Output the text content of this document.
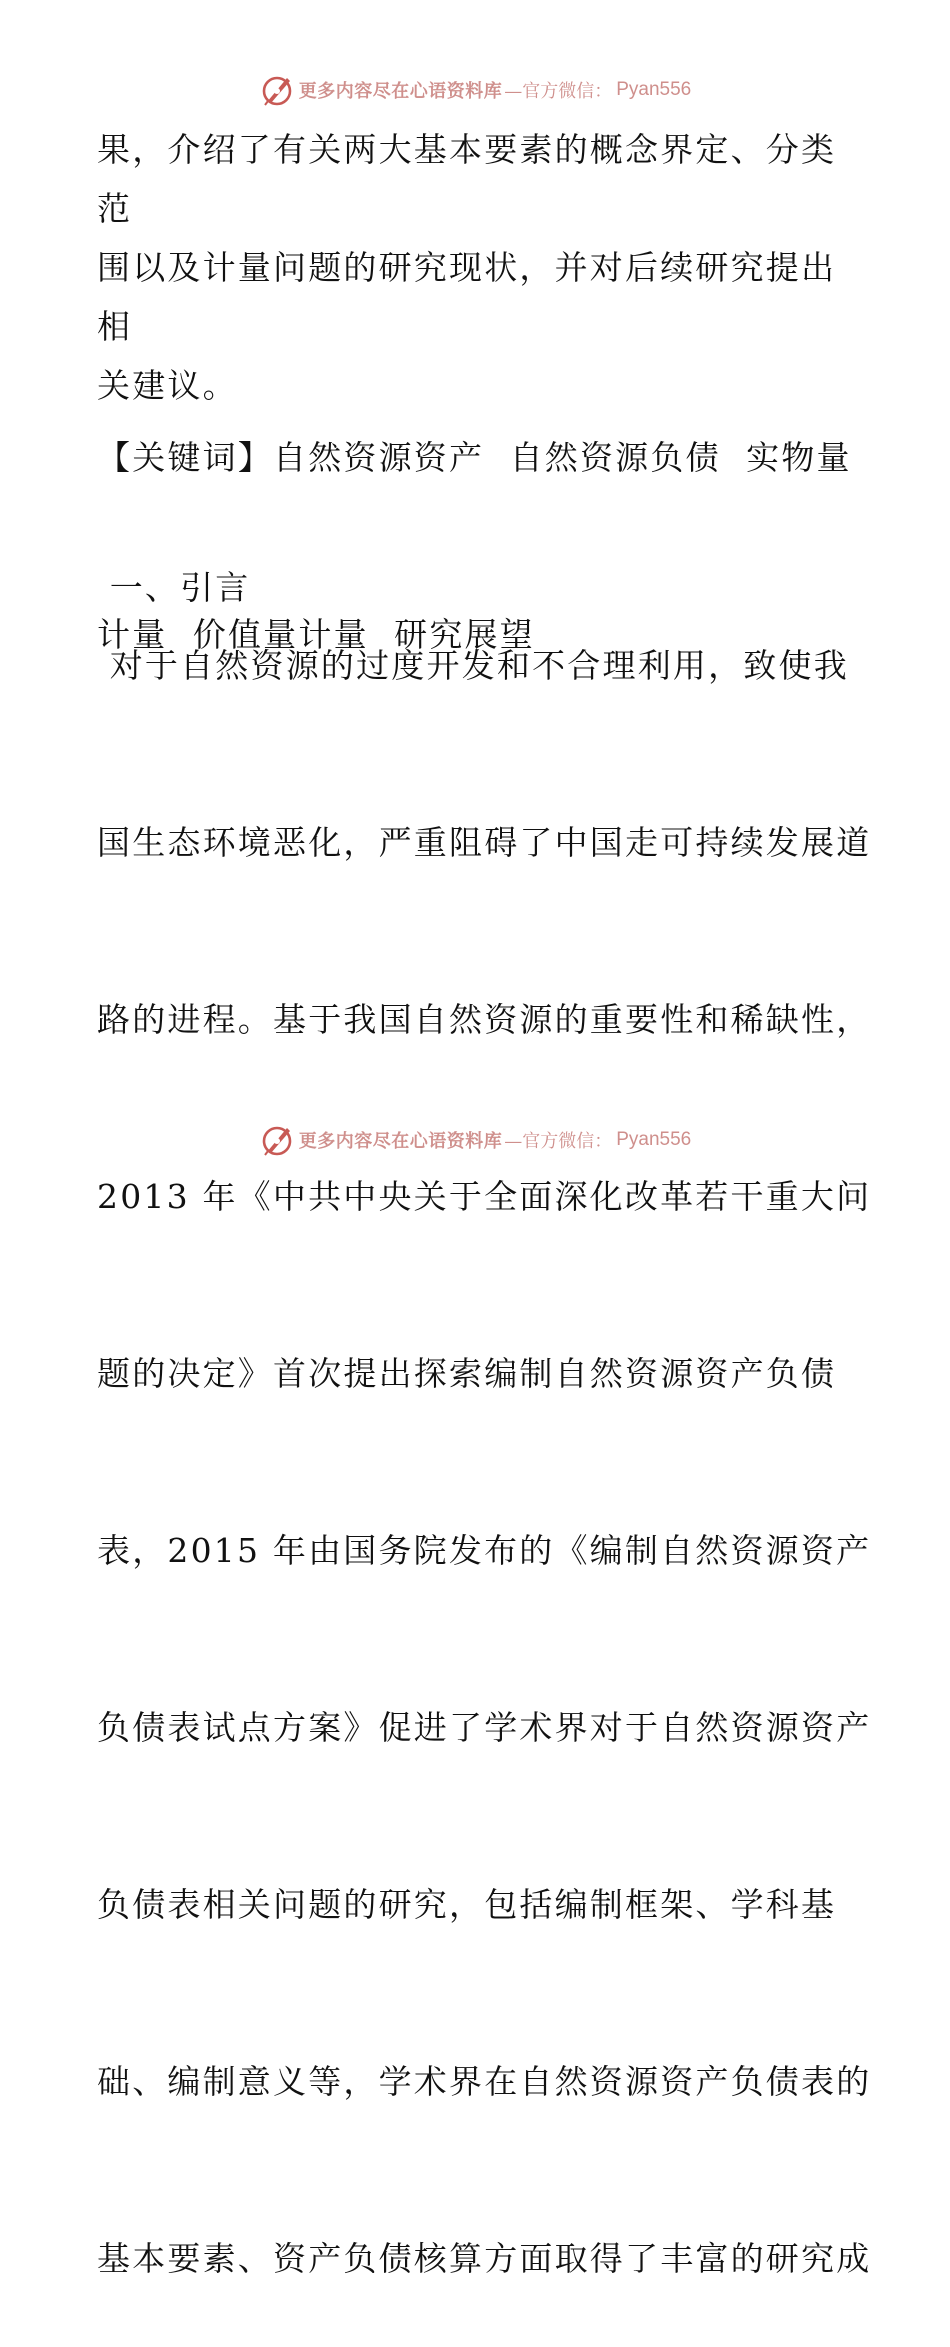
更多内容尽在心语资料库 —官方微信： Pyan556
果，介绍了有关两大基本要素的概念界定、分类范
围以及计量问题的研究现状，并对后续研究提出相
关建议。

【关键词】自然资源资产  自然资源负债  实物量

计量  价值量计量  研究展望

一、引言

对于自然资源的过度开发和不合理利用，致使我

国生态环境恶化，严重阻碍了中国走可持续发展道

路的进程。基于我国自然资源的重要性和稀缺性，

2013 年《中共中央关于全面深化改革若干重大问

题的决定》首次提出探索编制自然资源资产负债

表，2015 年由国务院发布的《编制自然资源资产

负债表试点方案》促进了学术界对于自然资源资产

负债表相关问题的研究，包括编制框架、学科基

础、编制意义等，学术界在自然资源资产负债表的

基本要素、资产负债核算方面取得了丰富的研究成

更多内容尽在心语资料库 —官方微信： Pyan556
